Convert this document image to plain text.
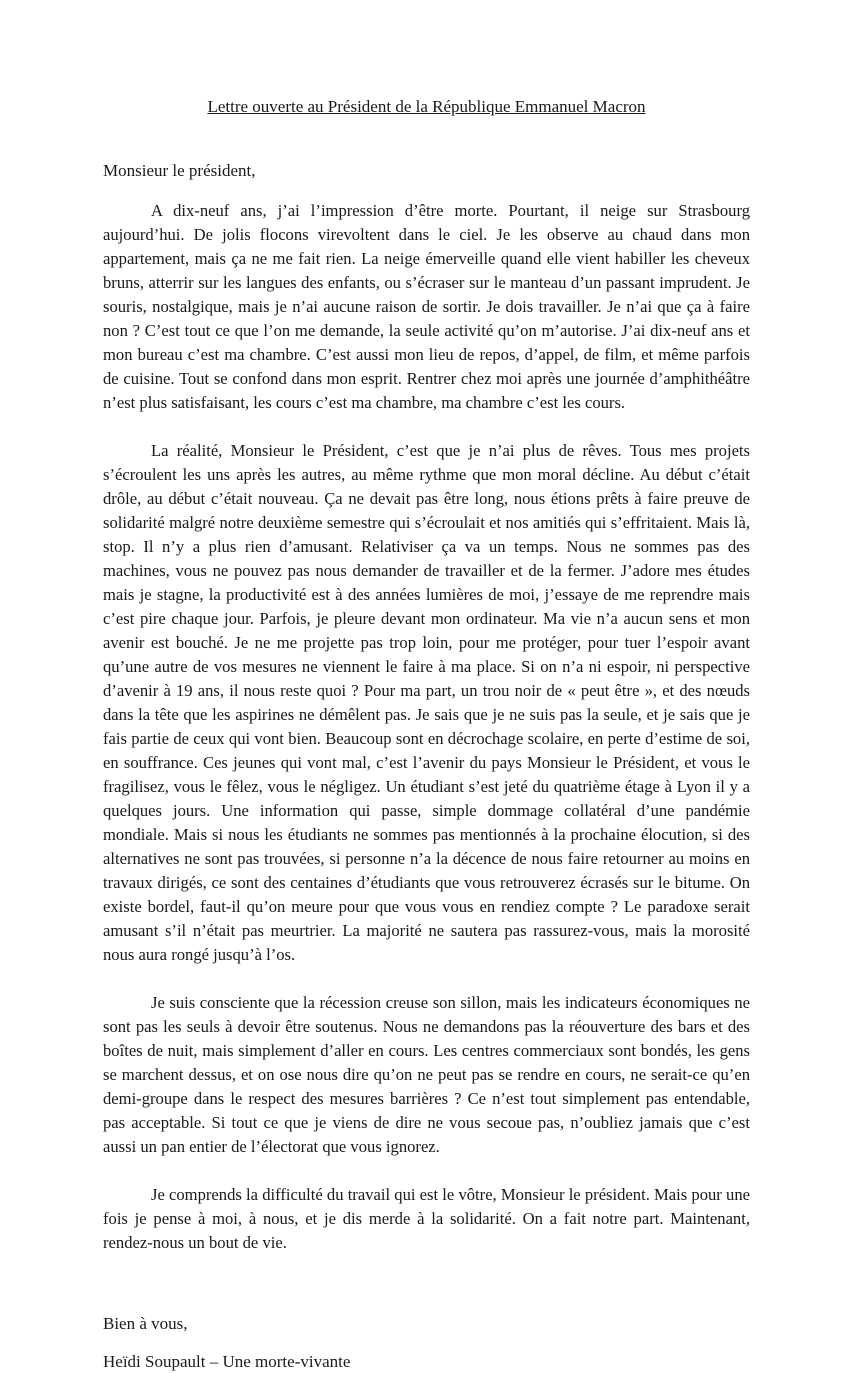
Lettre ouverte au Président de la République Emmanuel Macron

Monsieur le président,

A dix-neuf ans, j’ai l’impression d’être morte. Pourtant, il neige sur Strasbourg aujourd’hui. De jolis flocons virevoltent dans le ciel. Je les observe au chaud dans mon appartement, mais ça ne me fait rien. La neige émerveille quand elle vient habiller les cheveux bruns, atterrir sur les langues des enfants, ou s’écraser sur le manteau d’un passant imprudent. Je souris, nostalgique, mais je n’ai aucune raison de sortir. Je dois travailler. Je n’ai que ça à faire non ? C’est tout ce que l’on me demande, la seule activité qu’on m’autorise. J’ai dix-neuf ans et mon bureau c’est ma chambre. C’est aussi mon lieu de repos, d’appel, de film, et même parfois de cuisine. Tout se confond dans mon esprit. Rentrer chez moi après une journée d’amphithéâtre n’est plus satisfaisant, les cours c’est ma chambre, ma chambre c’est les cours.

La réalité, Monsieur le Président, c’est que je n’ai plus de rêves. Tous mes projets s’écroulent les uns après les autres, au même rythme que mon moral décline. Au début c’était drôle, au début c’était nouveau. Ça ne devait pas être long, nous étions prêts à faire preuve de solidarité malgré notre deuxième semestre qui s’écroulait et nos amitiés qui s’effritaient. Mais là, stop. Il n’y a plus rien d’amusant. Relativiser ça va un temps. Nous ne sommes pas des machines, vous ne pouvez pas nous demander de travailler et de la fermer. J’adore mes études mais je stagne, la productivité est à des années lumières de moi, j’essaye de me reprendre mais c’est pire chaque jour. Parfois, je pleure devant mon ordinateur. Ma vie n’a aucun sens et mon avenir est bouché. Je ne me projette pas trop loin, pour me protéger, pour tuer l’espoir avant qu’une autre de vos mesures ne viennent le faire à ma place. Si on n’a ni espoir, ni perspective d’avenir à 19 ans, il nous reste quoi ? Pour ma part, un trou noir de « peut être », et des nœuds dans la tête que les aspirines ne démêlent pas. Je sais que je ne suis pas la seule, et je sais que je fais partie de ceux qui vont bien. Beaucoup sont en décrochage scolaire, en perte d’estime de soi, en souffrance. Ces jeunes qui vont mal, c’est l’avenir du pays Monsieur le Président, et vous le fragilisez, vous le fêlez, vous le négligez. Un étudiant s’est jeté du quatrième étage à Lyon il y a quelques jours. Une information qui passe, simple dommage collatéral d’une pandémie mondiale. Mais si nous les étudiants ne sommes pas mentionnés à la prochaine élocution, si des alternatives ne sont pas trouvées, si personne n’a la décence de nous faire retourner au moins en travaux dirigés, ce sont des centaines d’étudiants que vous retrouverez écrasés sur le bitume. On existe bordel, faut-il qu’on meure pour que vous vous en rendiez compte ? Le paradoxe serait amusant s’il n’était pas meurtrier. La majorité ne sautera pas rassurez-vous, mais la morosité nous aura rongé jusqu’à l’os.

Je suis consciente que la récession creuse son sillon, mais les indicateurs économiques ne sont pas les seuls à devoir être soutenus. Nous ne demandons pas la réouverture des bars et des boîtes de nuit, mais simplement d’aller en cours. Les centres commerciaux sont bondés, les gens se marchent dessus, et on ose nous dire qu’on ne peut pas se rendre en cours, ne serait-ce qu’en demi-groupe dans le respect des mesures barrières ? Ce n’est tout simplement pas entendable, pas acceptable. Si tout ce que je viens de dire ne vous secoue pas, n’oubliez jamais que c’est aussi un pan entier de l’électorat que vous ignorez.

Je comprends la difficulté du travail qui est le vôtre, Monsieur le président. Mais pour une fois je pense à moi, à nous, et je dis merde à la solidarité. On a fait notre part. Maintenant, rendez-nous un bout de vie.

Bien à vous,

Heïdi Soupault – Une morte-vivante
